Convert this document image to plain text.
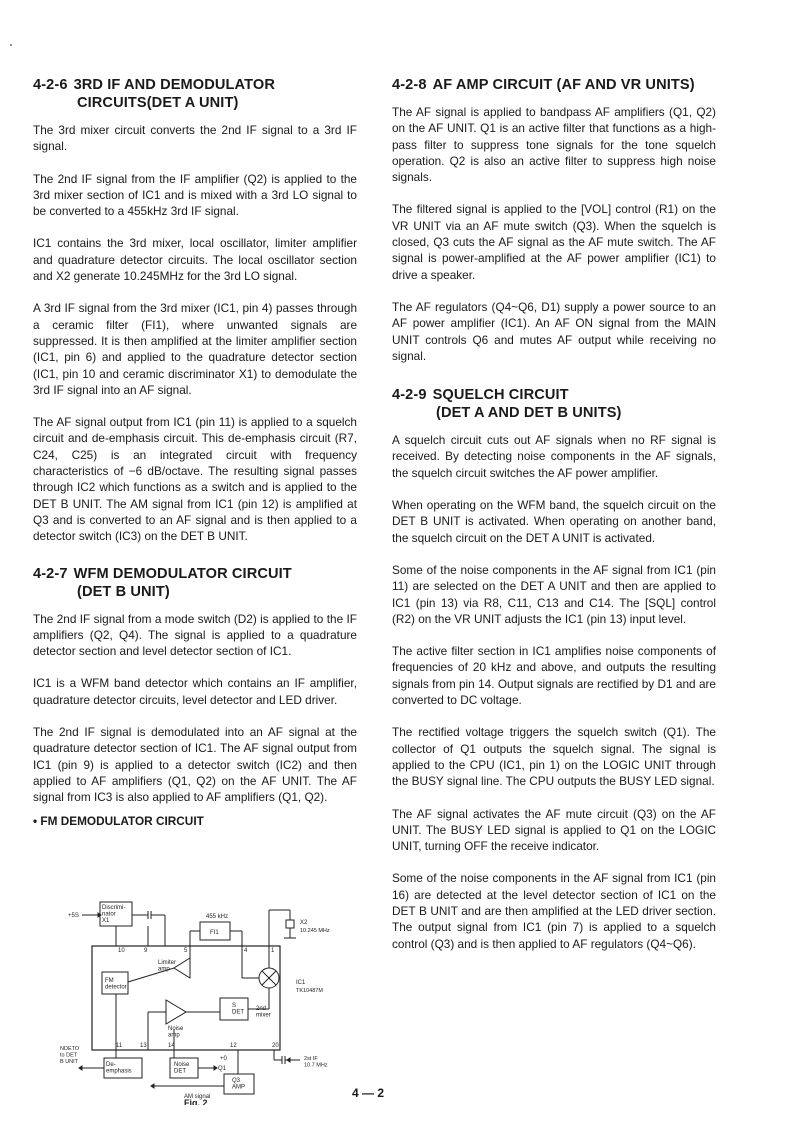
4-2-6 3RD IF AND DEMODULATOR
CIRCUITS(DET A UNIT)

The 3rd mixer circuit converts the 2nd IF signal to a 3rd IF signal.

The 2nd IF signal from the IF amplifier (Q2) is applied to the 3rd mixer section of IC1 and is mixed with a 3rd LO signal to be converted to a 455kHz 3rd IF signal.

IC1 contains the 3rd mixer, local oscillator, limiter amplifier and quadrature detector circuits. The local oscillator section and X2 generate 10.245MHz for the 3rd LO signal.

A 3rd IF signal from the 3rd mixer (IC1, pin 4) passes through a ceramic filter (FI1), where unwanted signals are suppressed. It is then amplified at the limiter amplifier section (IC1, pin 6) and applied to the quadrature detector section (IC1, pin 10 and ceramic discriminator X1) to demodulate the 3rd IF signal into an AF signal.

The AF signal output from IC1 (pin 11) is applied to a squelch circuit and de-emphasis circuit. This de-emphasis circuit (R7, C24, C25) is an integrated circuit with frequency characteristics of −6 dB/octave. The resulting signal passes through IC2 which functions as a switch and is applied to the DET B UNIT. The AM signal from IC1 (pin 12) is amplified at Q3 and is converted to an AF signal and is then applied to a detector switch (IC3) on the DET B UNIT.

4-2-7 WFM DEMODULATOR CIRCUIT
(DET B UNIT)

The 2nd IF signal from a mode switch (D2) is applied to the IF amplifiers (Q2, Q4). The signal is applied to a quadrature detector section and level detector section of IC1.

IC1 is a WFM band detector which contains an IF amplifier, quadrature detector circuits, level detector and LED driver.

The 2nd IF signal is demodulated into an AF signal at the quadrature detector section of IC1. The AF signal output from IC1 (pin 9) is applied to a detector switch (IC2) and then applied to AF amplifiers (Q1, Q2) on the AF UNIT. The AF signal from IC3 is also applied to AF amplifiers (Q1, Q2).

• FM DEMODULATOR CIRCUIT
Discrimi-nator X1
+5S	455 kHz
FI1
X2
10.245 MHz
10	9	5	4	1
Limiter amp
FM detector
2nd mixer
S DET
Noise amp
IC1
TK10487M
11	13	14	12	20
De-emphasis
NDETO to DET B UNIT	Noise DET
+0
Q1
Q3 AMP
AM signal
2st IF 10.7 MHz
Fig. 2
4-2-8 AF AMP CIRCUIT (AF AND VR UNITS)

The AF signal is applied to bandpass AF amplifiers (Q1, Q2) on the AF UNIT. Q1 is an active filter that functions as a high-pass filter to suppress tone signals for the tone squelch operation. Q2 is also an active filter to suppress high noise signals.

The filtered signal is applied to the [VOL] control (R1) on the VR UNIT via an AF mute switch (Q3). When the squelch is closed, Q3 cuts the AF signal as the AF mute switch. The AF signal is power-amplified at the AF power amplifier (IC1) to drive a speaker.

The AF regulators (Q4~Q6, D1) supply a power source to an AF power amplifier (IC1). An AF ON signal from the MAIN UNIT controls Q6 and mutes AF output while receiving no signal.

4-2-9 SQUELCH CIRCUIT
(DET A AND DET B UNITS)

A squelch circuit cuts out AF signals when no RF signal is received. By detecting noise components in the AF signals, the squelch circuit switches the AF power amplifier.

When operating on the WFM band, the squelch circuit on the DET B UNIT is activated. When operating on another band, the squelch circuit on the DET A UNIT is activated.

Some of the noise components in the AF signal from IC1 (pin 11) are selected on the DET A UNIT and then are applied to IC1 (pin 13) via R8, C11, C13 and C14. The [SQL] control (R2) on the VR UNIT adjusts the IC1 (pin 13) input level.

The active filter section in IC1 amplifies noise components of frequencies of 20 kHz and above, and outputs the resulting signals from pin 14. Output signals are rectified by D1 and are converted to DC voltage.

The rectified voltage triggers the squelch switch (Q1). The collector of Q1 outputs the squelch signal. The signal is applied to the CPU (IC1, pin 1) on the LOGIC UNIT through the BUSY signal line. The CPU outputs the BUSY LED signal.

The AF signal activates the AF mute circuit (Q3) on the AF UNIT. The BUSY LED signal is applied to Q1 on the LOGIC UNIT, turning OFF the receive indicator.

Some of the noise components in the AF signal from IC1 (pin 16) are detected at the level detector section of IC1 on the DET B UNIT and are then amplified at the LED driver section. The output signal from IC1 (pin 7) is applied to a squelch control (Q3) and is then applied to AF regulators (Q4~Q6).

4 — 2
